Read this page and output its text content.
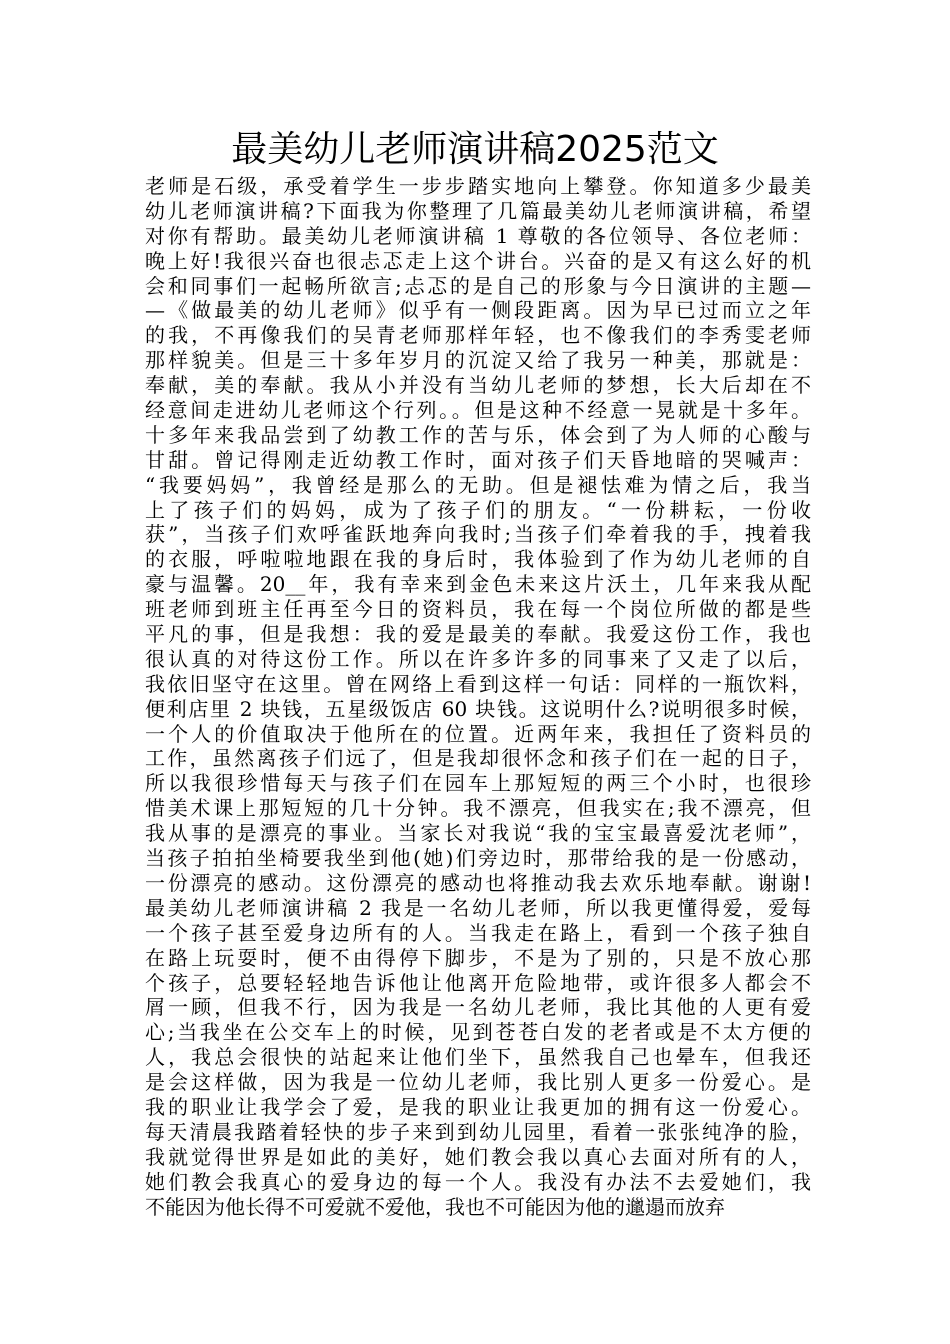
最美幼儿老师演讲稿2025范文
老师是石级，承受着学生一步步踏实地向上攀登。你知道多少最美
幼儿老师演讲稿?下面我为你整理了几篇最美幼儿老师演讲稿，希望
对你有帮助。最美幼儿老师演讲稿 1 尊敬的各位领导、各位老师：
晚上好!我很兴奋也很忐忑走上这个讲台。兴奋的是又有这么好的机
会和同事们一起畅所欲言;忐忑的是自己的形象与今日演讲的主题—
—《做最美的幼儿老师》似乎有一侧段距离。因为早已过而立之年
的我，不再像我们的吴青老师那样年轻，也不像我们的李秀雯老师
那样貌美。但是三十多年岁月的沉淀又给了我另一种美，那就是：
奉献，美的奉献。我从小并没有当幼儿老师的梦想，长大后却在不
经意间走进幼儿老师这个行列。。但是这种不经意一晃就是十多年。
十多年来我品尝到了幼教工作的苦与乐，体会到了为人师的心酸与
甘甜。曾记得刚走近幼教工作时，面对孩子们天昏地暗的哭喊声：
“我要妈妈”，我曾经是那么的无助。但是褪怯难为情之后，我当
上了孩子们的妈妈，成为了孩子们的朋友。“一份耕耘，一份收
获”，当孩子们欢呼雀跃地奔向我时;当孩子们牵着我的手，拽着我
的衣服，呼啦啦地跟在我的身后时，我体验到了作为幼儿老师的自
豪与温馨。20__年，我有幸来到金色未来这片沃土，几年来我从配
班老师到班主任再至今日的资料员，我在每一个岗位所做的都是些
平凡的事，但是我想：我的爱是最美的奉献。我爱这份工作，我也
很认真的对待这份工作。所以在许多许多的同事来了又走了以后，
我依旧坚守在这里。曾在网络上看到这样一句话：同样的一瓶饮料，
便利店里 2 块钱，五星级饭店 60 块钱。这说明什么?说明很多时候，
一个人的价值取决于他所在的位置。近两年来，我担任了资料员的
工作，虽然离孩子们远了，但是我却很怀念和孩子们在一起的日子，
所以我很珍惜每天与孩子们在园车上那短短的两三个小时，也很珍
惜美术课上那短短的几十分钟。我不漂亮，但我实在;我不漂亮，但
我从事的是漂亮的事业。当家长对我说“我的宝宝最喜爱沈老师”，
当孩子拍拍坐椅要我坐到他(她)们旁边时，那带给我的是一份感动，
一份漂亮的感动。这份漂亮的感动也将推动我去欢乐地奉献。谢谢!
最美幼儿老师演讲稿 2 我是一名幼儿老师，所以我更懂得爱，爱每
一个孩子甚至爱身边所有的人。当我走在路上，看到一个孩子独自
在路上玩耍时，便不由得停下脚步，不是为了别的，只是不放心那
个孩子，总要轻轻地告诉他让他离开危险地带，或许很多人都会不
屑一顾，但我不行，因为我是一名幼儿老师，我比其他的人更有爱
心;当我坐在公交车上的时候，见到苍苍白发的老者或是不太方便的
人，我总会很快的站起来让他们坐下，虽然我自己也晕车，但我还
是会这样做，因为我是一位幼儿老师，我比别人更多一份爱心。是
我的职业让我学会了爱，是我的职业让我更加的拥有这一份爱心。
每天清晨我踏着轻快的步子来到到幼儿园里，看着一张张纯净的脸，
我就觉得世界是如此的美好，她们教会我以真心去面对所有的人，
她们教会我真心的爱身边的每一个人。我没有办法不去爱她们，我
不能因为他长得不可爱就不爱他，我也不可能因为他的邋遢而放弃
